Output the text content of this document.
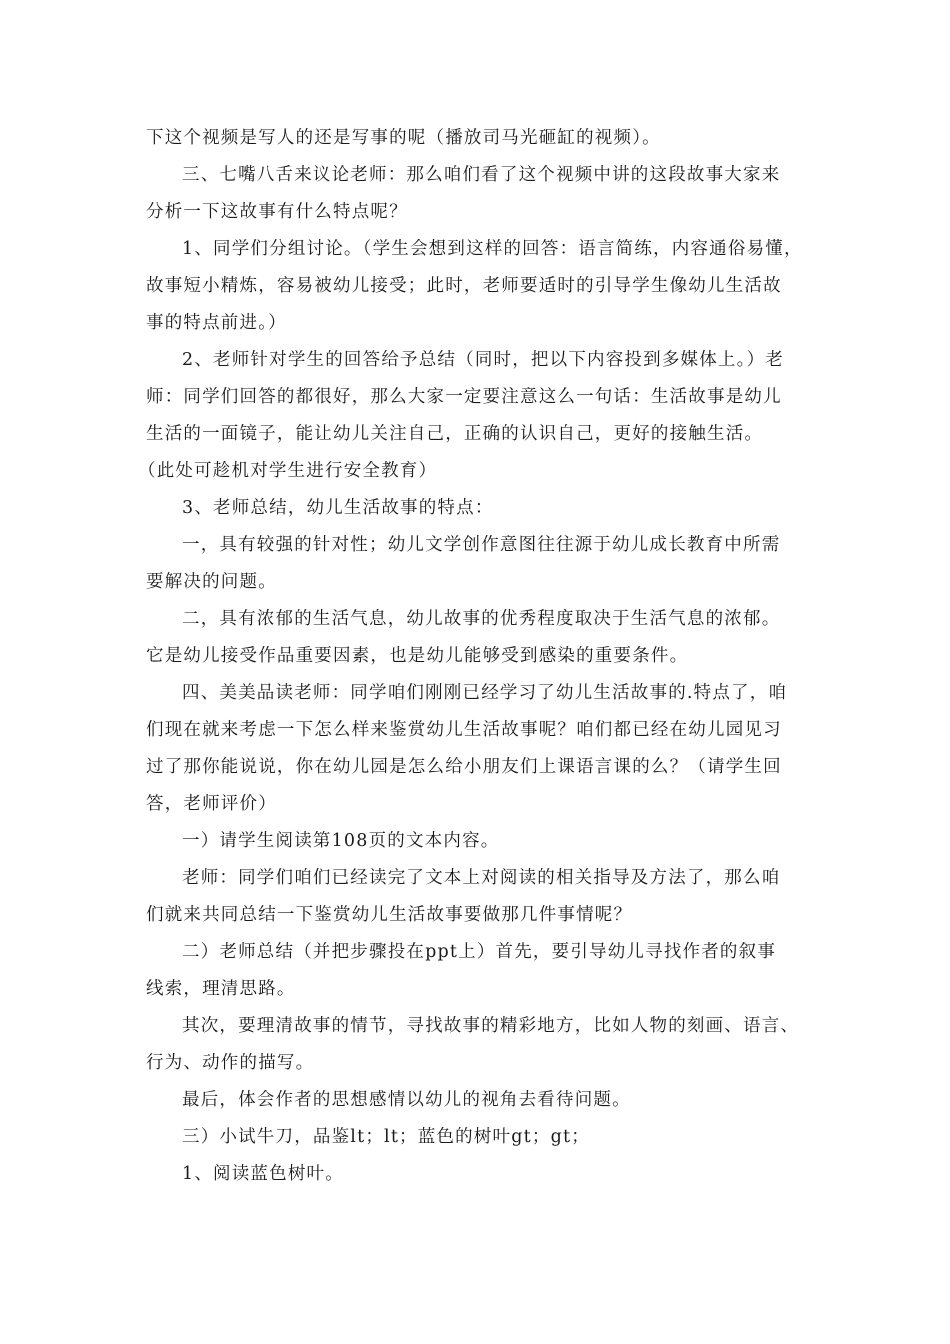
下这个视频是写人的还是写事的呢（播放司马光砸缸的视频）。
三、七嘴八舌来议论老师：那么咱们看了这个视频中讲的这段故事大家来
分析一下这故事有什么特点呢？
1、同学们分组讨论。（学生会想到这样的回答：语言简练，内容通俗易懂，
故事短小精炼，容易被幼儿接受；此时，老师要适时的引导学生像幼儿生活故
事的特点前进。）
2、老师针对学生的回答给予总结（同时，把以下内容投到多媒体上。）老
师：同学们回答的都很好，那么大家一定要注意这么一句话：生活故事是幼儿
生活的一面镜子，能让幼儿关注自己，正确的认识自己，更好的接触生活。
（此处可趁机对学生进行安全教育）
3、老师总结，幼儿生活故事的特点：
一，具有较强的针对性；幼儿文学创作意图往往源于幼儿成长教育中所需
要解决的问题。
二，具有浓郁的生活气息，幼儿故事的优秀程度取决于生活气息的浓郁。
它是幼儿接受作品重要因素，也是幼儿能够受到感染的重要条件。
四、美美品读老师：同学咱们刚刚已经学习了幼儿生活故事的.特点了，咱
们现在就来考虑一下怎么样来鉴赏幼儿生活故事呢？咱们都已经在幼儿园见习
过了那你能说说，你在幼儿园是怎么给小朋友们上课语言课的么？（请学生回
答，老师评价）
一）请学生阅读第108页的文本内容。
老师：同学们咱们已经读完了文本上对阅读的相关指导及方法了，那么咱
们就来共同总结一下鉴赏幼儿生活故事要做那几件事情呢？
二）老师总结（并把步骤投在ppt上）首先，要引导幼儿寻找作者的叙事
线索，理清思路。
其次，要理清故事的情节，寻找故事的精彩地方，比如人物的刻画、语言、
行为、动作的描写。
最后，体会作者的思想感情以幼儿的视角去看待问题。
三）小试牛刀，品鉴lt；lt；蓝色的树叶gt；gt；
1、阅读蓝色树叶。
